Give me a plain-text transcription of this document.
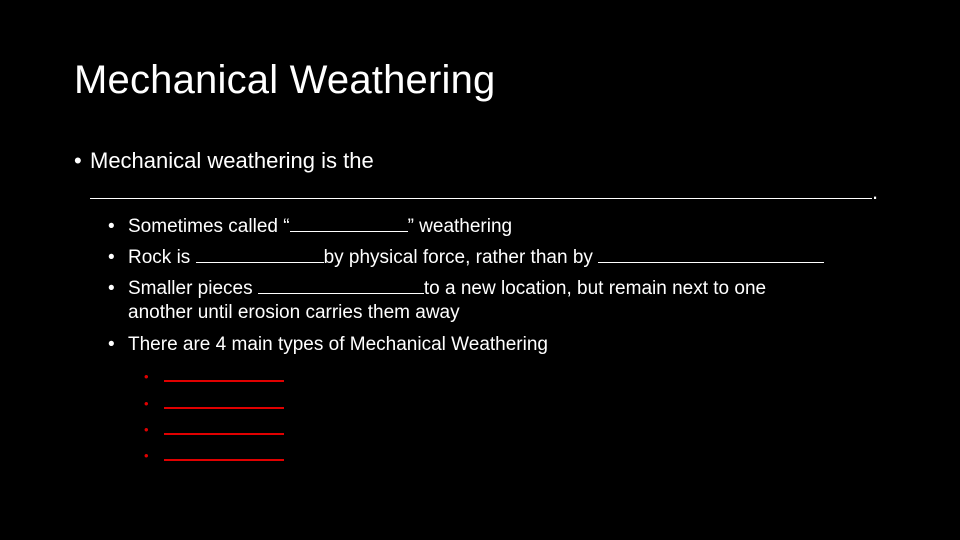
Mechanical Weathering
• Mechanical weathering is the
.
• Sometimes called “	” weathering
• Rock is	by physical force, rather than by
• Smaller pieces	to a new location, but remain next to one
another until erosion carries them away
• There are 4 main types of Mechanical Weathering
•
•
•
•
